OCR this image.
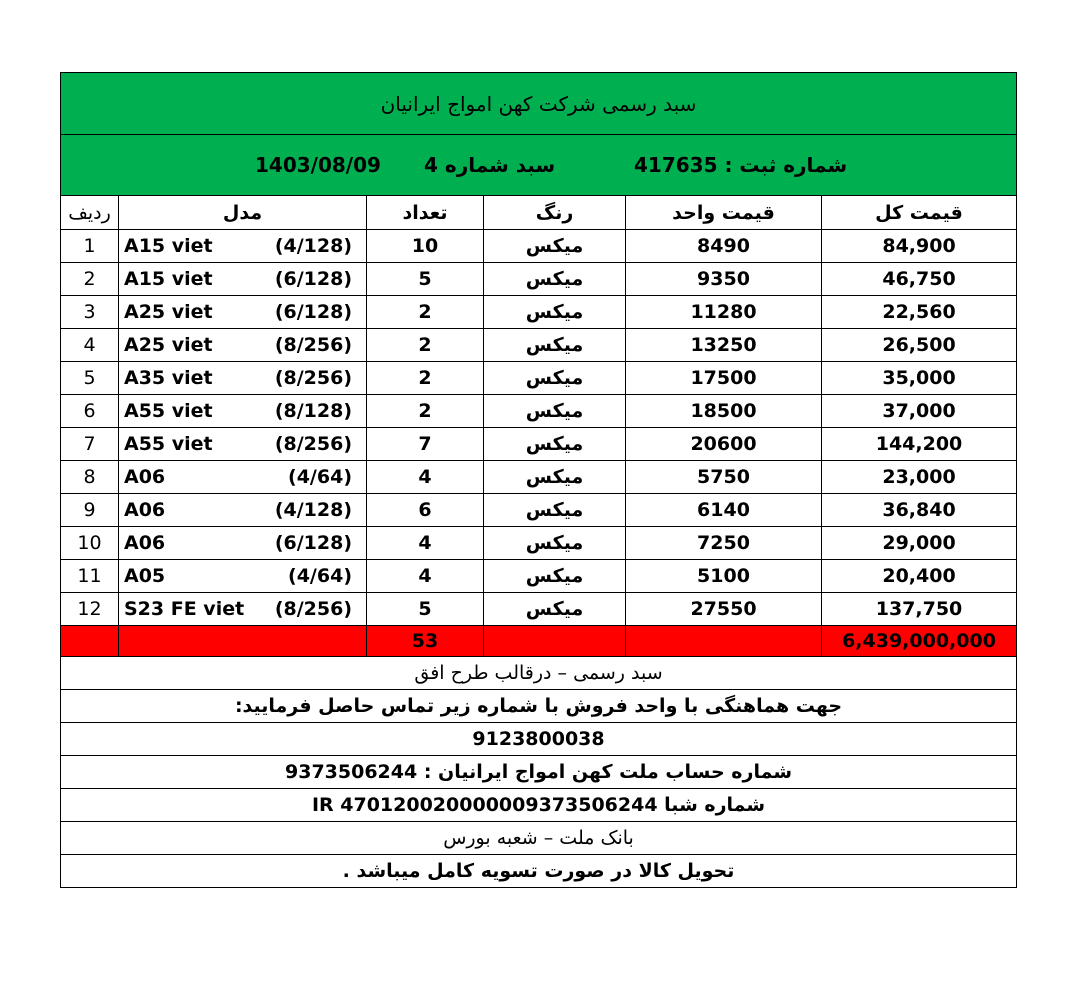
سبد رسمی شرکت کهن امواج ایرانیان					

1403/08/09 سبد شماره 4 شماره ثبت : 417635					

ردیف	مدل	تعداد	رنگ	قیمت واحد	قیمت کل
1	A15 viet (4/128)	10	میکس	8490	84,900
2	A15 viet (6/128)	5	میکس	9350	46,750
3	A25 viet (6/128)	2	میکس	11280	22,560
4	A25 viet (8/256)	2	میکس	13250	26,500
5	A35 viet (8/256)	2	میکس	17500	35,000
6	A55 viet (8/128)	2	میکس	18500	37,000
7	A55 viet (8/256)	7	میکس	20600	144,200
8	A06 (4/64)	4	میکس	5750	23,000
9	A06 (4/128)	6	میکس	6140	36,840
10	A06 (6/128)	4	میکس	7250	29,000
11	A05 (4/64)	4	میکس	5100	20,400
12	S23 FE viet (8/256)	5	میکس	27550	137,750
		53			6,439,000,000
سبد رسمی – درقالب طرح افق					
جهت هماهنگی با واحد فروش با شماره زیر تماس حاصل فرمایید:					
9123800038					
شماره حساب ملت کهن امواج ایرانیان : 9373506244					
شماره شبا IR 470120020000009373506244					
بانک ملت – شعبه بورس					
تحویل کالا در صورت تسویه کامل میباشد .					
